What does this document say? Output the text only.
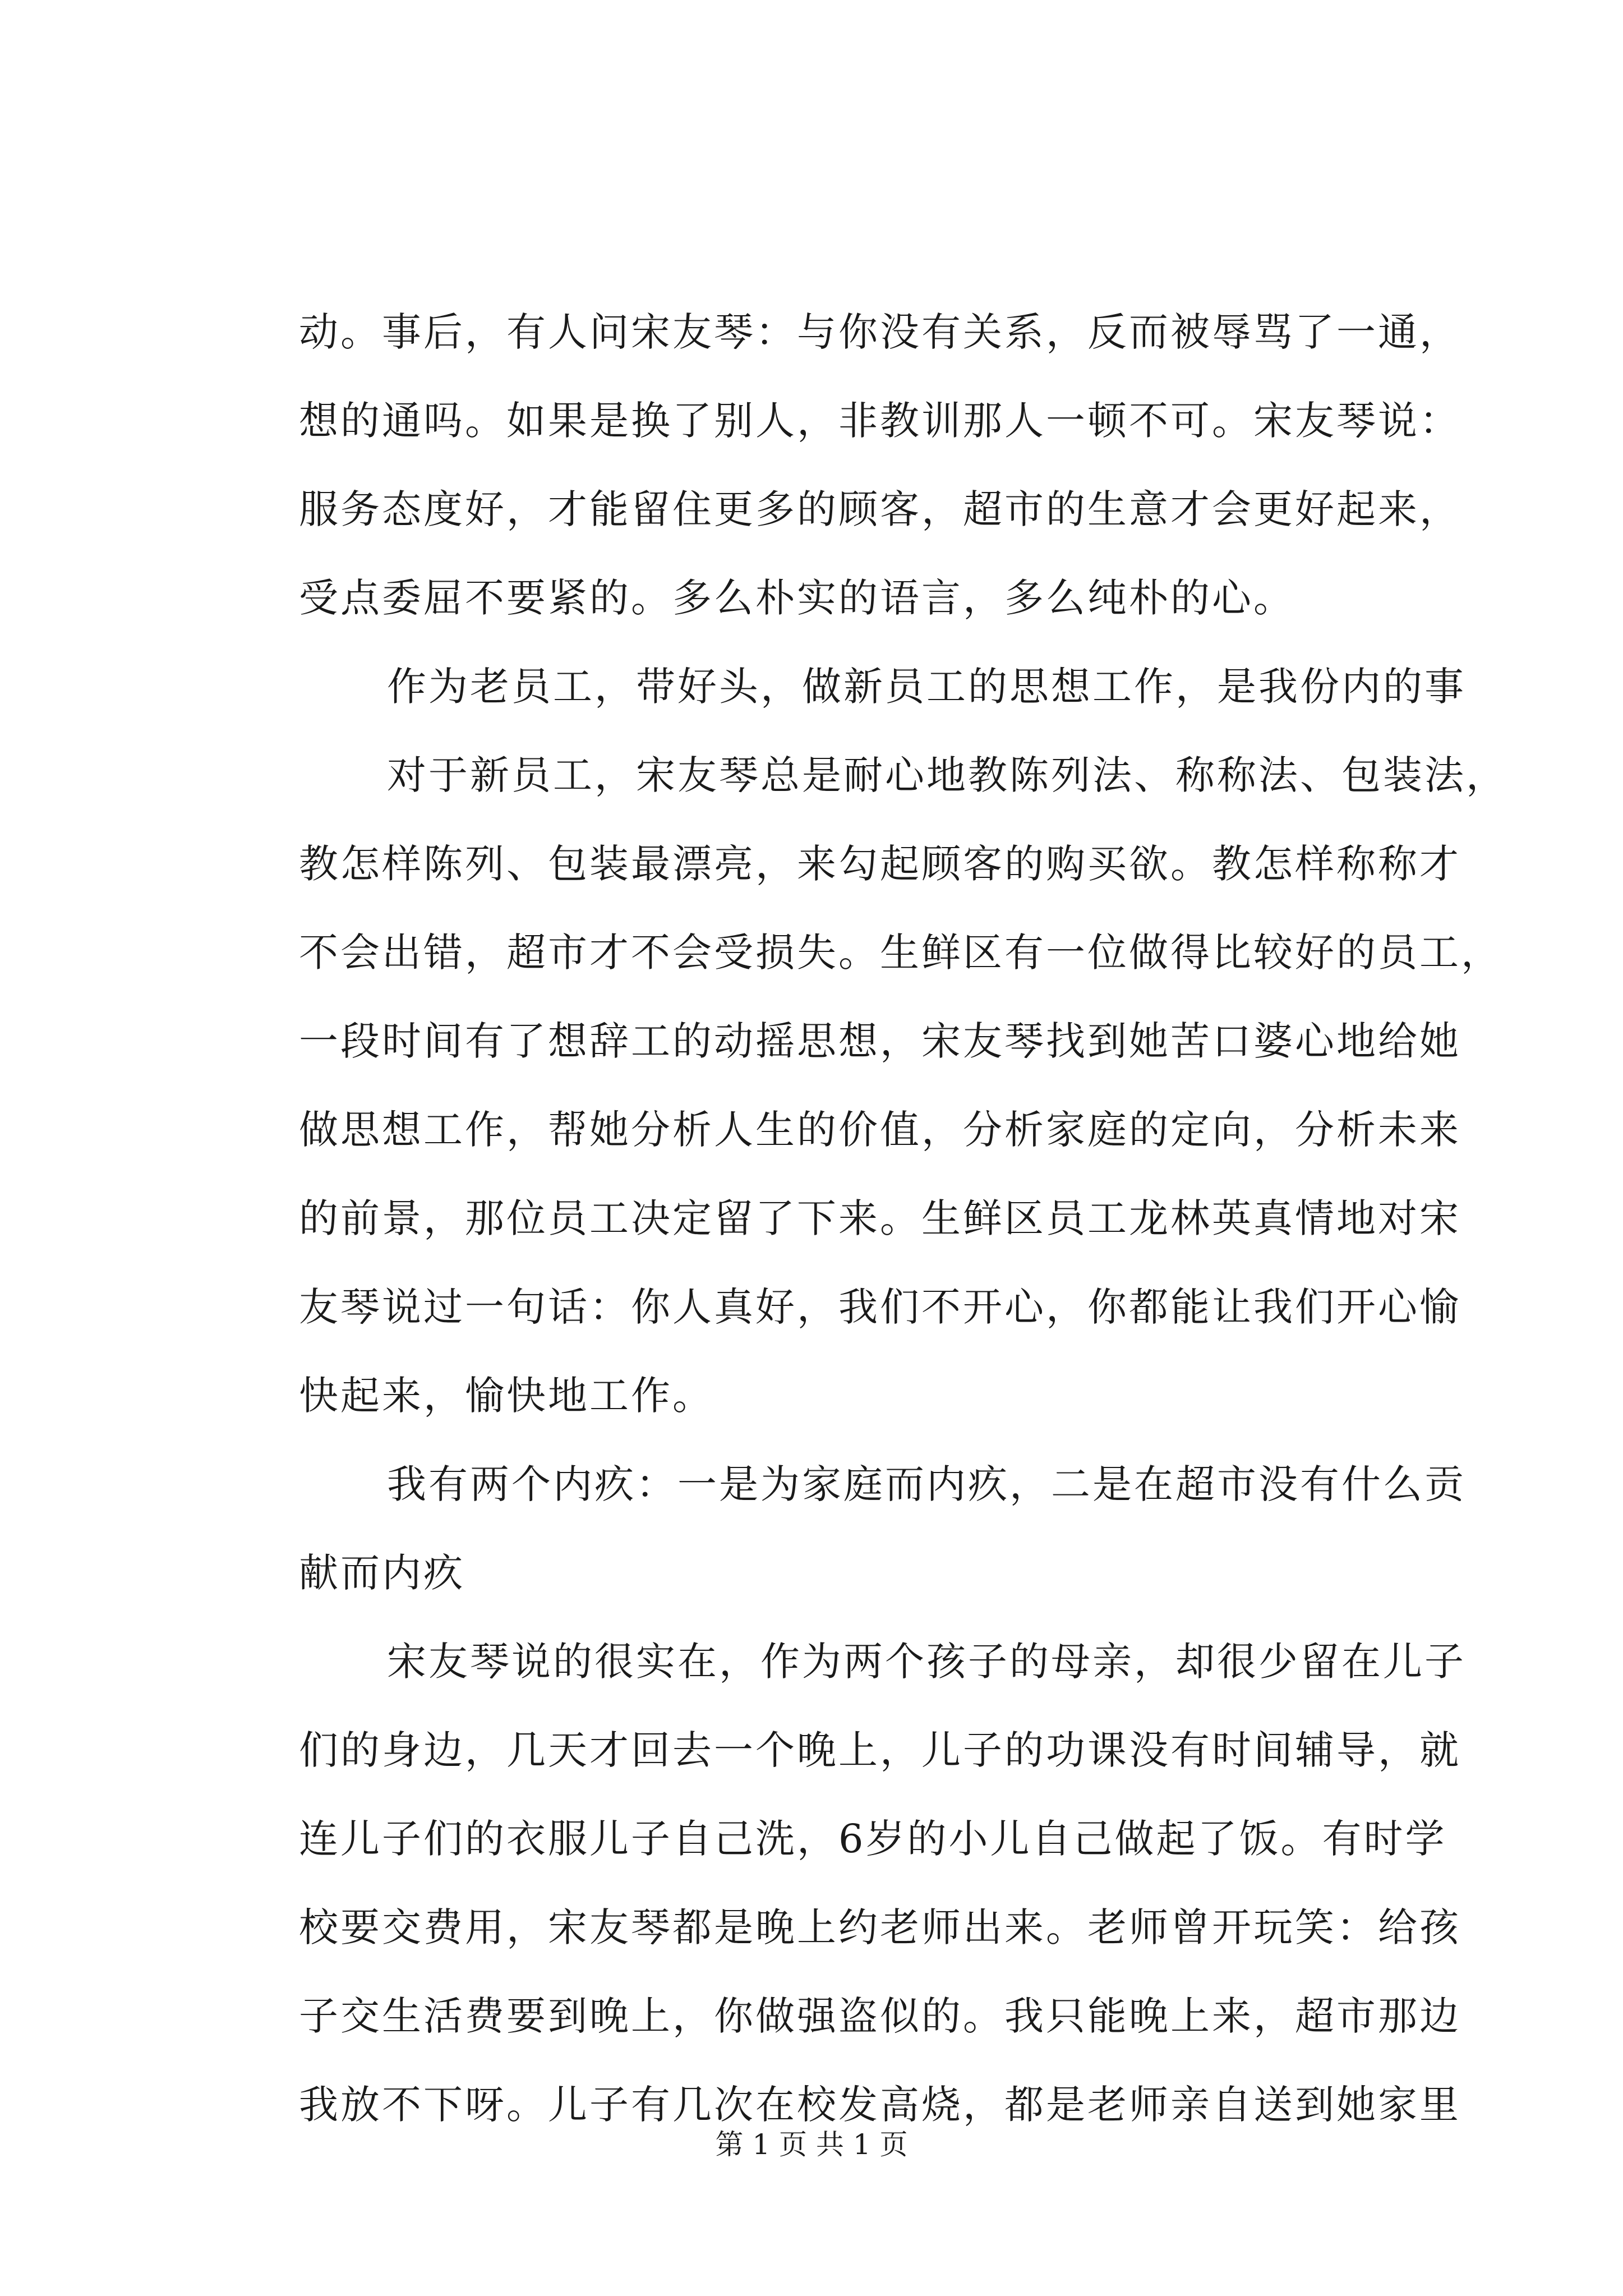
动。事后，有人问宋友琴：与你没有关系，反而被辱骂了一通，
想的通吗。如果是换了别人，非教训那人一顿不可。宋友琴说：
服务态度好，才能留住更多的顾客，超市的生意才会更好起来，
受点委屈不要紧的。多么朴实的语言，多么纯朴的心。
作为老员工，带好头，做新员工的思想工作，是我份内的事
对于新员工，宋友琴总是耐心地教陈列法、称称法、包装法，
教怎样陈列、包装最漂亮，来勾起顾客的购买欲。教怎样称称才
不会出错，超市才不会受损失。生鲜区有一位做得比较好的员工，
一段时间有了想辞工的动摇思想，宋友琴找到她苦口婆心地给她
做思想工作，帮她分析人生的价值，分析家庭的定向，分析未来
的前景，那位员工决定留了下来。生鲜区员工龙林英真情地对宋
友琴说过一句话：你人真好，我们不开心，你都能让我们开心愉
快起来，愉快地工作。
我有两个内疚：一是为家庭而内疚，二是在超市没有什么贡
献而内疚
宋友琴说的很实在，作为两个孩子的母亲，却很少留在儿子
们的身边，几天才回去一个晚上，儿子的功课没有时间辅导，就
连儿子们的衣服儿子自己洗，6岁的小儿自己做起了饭。有时学
校要交费用，宋友琴都是晚上约老师出来。老师曾开玩笑：给孩
子交生活费要到晚上，你做强盗似的。我只能晚上来，超市那边
我放不下呀。儿子有几次在校发高烧，都是老师亲自送到她家里
第 1 页 共 1 页
